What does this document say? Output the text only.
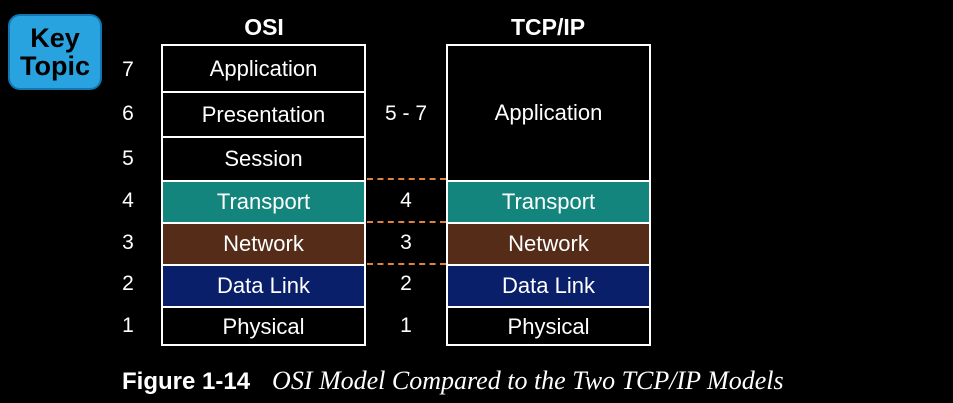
Key
Topic
OSI	TCP/IP
7
6
5
4
3
2
1
Application
Presentation
Session
Transport
Network
Data Link
Physical
5 - 7
4
3
2
1
Application
Transport
Network
Data Link
Physical
Figure 1-14 OSI Model Compared to the Two TCP/IP Models
